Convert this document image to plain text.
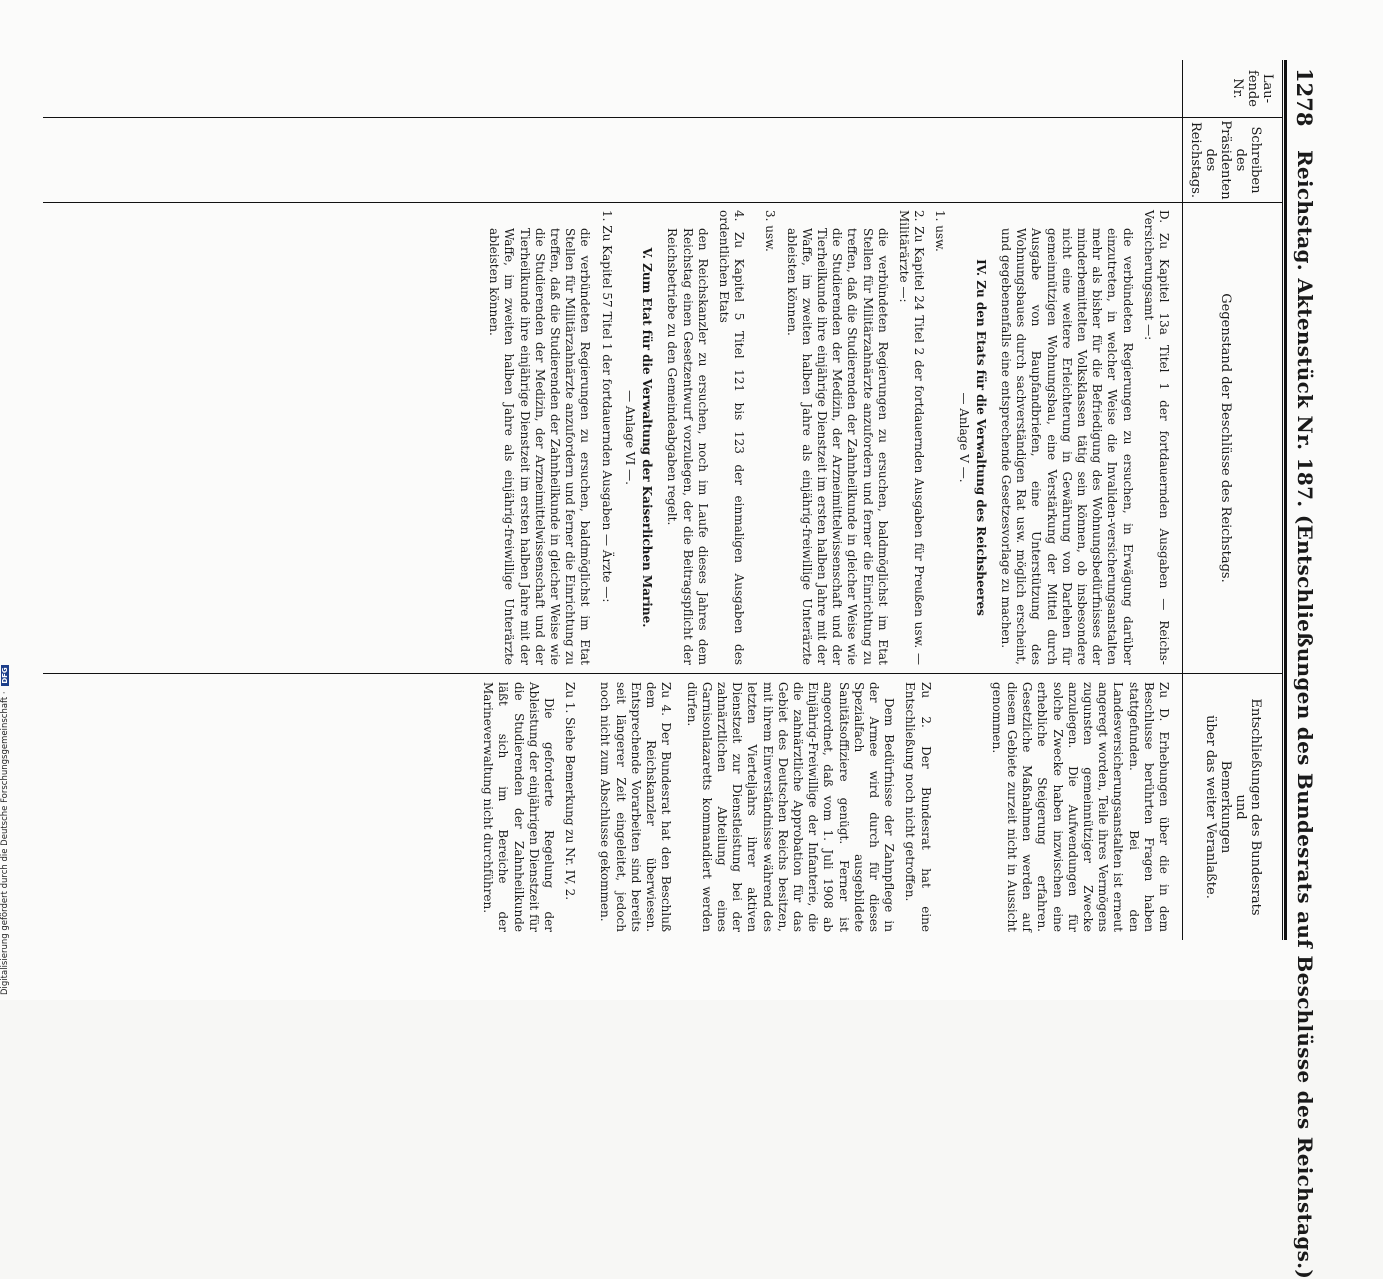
1278
Reichstag. Aktenstück Nr. 187. (Entschließungen des Bundesrats auf Beschlüsse des Reichstags.)
Lau-
fende
Nr.
Schreiben
des
Präsidenten
des
Reichstags.
Gegenstand der Beschlüsse des Reichstags.
Entschließungen des Bundesrats
und
Bemerkungen
über das weiter Veranlaßte.

D. Zu Kapitel 13a Titel 1 der fortdauernden Ausgaben — Reichs-Versicherungsamt —:

die verbündeten Regierungen zu ersuchen, in Erwägung darüber einzutreten, in welcher Weise die Invaliden-versicherungsanstalten mehr als bisher für die Befriedigung des Wohnungsbedürfnisses der minderbemittelten Volksklassen tätig sein können, ob insbesondere nicht eine weitere Erleichterung in Gewährung von Darlehen für gemeinnützigen Wohnungsbau, eine Verstärkung der Mittel durch Ausgabe von Baupfandbriefen, eine Unterstützung des Wohnungsbaues durch sachverständigen Rat usw. möglich erscheint, und gegebenenfalls eine entsprechende Gesetzesvorlage zu machen.

IV. Zu den Etats für die Verwaltung des Reichsheeres

— Anlage V —.

1. usw.

2. Zu Kapitel 24 Titel 2 der fortdauernden Ausgaben für Preußen usw. — Militärärzte —:

die verbündeten Regierungen zu ersuchen, baldmöglichst im Etat Stellen für Militärzahnärzte anzufordern und ferner die Einrichtung zu treffen, daß die Studierenden der Zahnheilkunde in gleicher Weise wie die Studierenden der Medizin, der Arzneimittelwissenschaft und der Tierheilkunde ihre einjährige Dienstzeit im ersten halben Jahre mit der Waffe, im zweiten halben Jahre als einjährig-freiwillige Unterärzte ableisten können.

3. usw.

4. Zu Kapitel 5 Titel 121 bis 123 der einmaligen Ausgaben des ordentlichen Etats

den Reichskanzler zu ersuchen, noch im Laufe dieses Jahres dem Reichstag einen Gesetzentwurf vorzulegen, der die Beitragspflicht der Reichsbetriebe zu den Gemeindeabgaben regelt.

V. Zum Etat für die Verwaltung der Kaiserlichen Marine.

— Anlage VI —.

1. Zu Kapitel 57 Titel 1 der fortdauernden Ausgaben — Ärzte —:

die verbündeten Regierungen zu ersuchen, baldmöglichst im Etat Stellen für Militärzahnärzte anzufordern und ferner die Einrichtung zu treffen, daß die Studierenden der Zahnheilkunde in gleicher Weise wie die Studierenden der Medizin, der Arzneimittelwissenschaft und der Tierheilkunde ihre einjährige Dienstzeit im ersten halben Jahre mit der Waffe, im zweiten halben Jahre als einjährig-freiwillige Unterärzte ableisten können.

Zu D. Erhebungen über die in dem Beschlusse berührten Fragen haben stattgefunden. Bei den Landesversicherungsanstalten ist erneut angeregt worden, Teile ihres Vermögens zugunsten gemeinnütziger Zwecke anzulegen. Die Aufwendungen für solche Zwecke haben inzwischen eine erhebliche Steigerung erfahren. Gesetzliche Maßnahmen werden auf diesem Gebiete zurzeit nicht in Aussicht genommen.

Zu 2. Der Bundesrat hat eine Entschließung noch nicht getroffen.

Dem Bedürfnisse der Zahnpflege in der Armee wird durch für dieses Spezialfach ausgebildete Sanitätsoffiziere genügt. Ferner ist angeordnet, daß vom 1. Juli 1908 ab Einjährig-Freiwillige der Infanterie, die die zahnärztliche Approbation für das Gebiet des Deutschen Reichs besitzen, mit ihrem Einverständnisse während des letzten Vierteljahrs ihrer aktiven Dienstzeit zur Dienstleistung bei der zahnärztlichen Abteilung eines Garnisonlazaretts kommandiert werden dürfen.

Zu 4. Der Bundesrat hat den Beschluß dem Reichskanzler überwiesen. Entsprechende Vorarbeiten sind bereits seit längerer Zeit eingeleitet, jedoch noch nicht zum Abschlusse gekommen.

Zu 1. Siehe Bemerkung zu Nr. IV, 2.

Die geforderte Regelung der Ableistung der einjährigen Dienstzeit für die Studierenden der Zahnheilkunde läßt sich im Bereiche der Marineverwaltung nicht durchführen.

Digitalisierung gefördert durch die Deutsche Forschungsgemeinschaft · DFG
